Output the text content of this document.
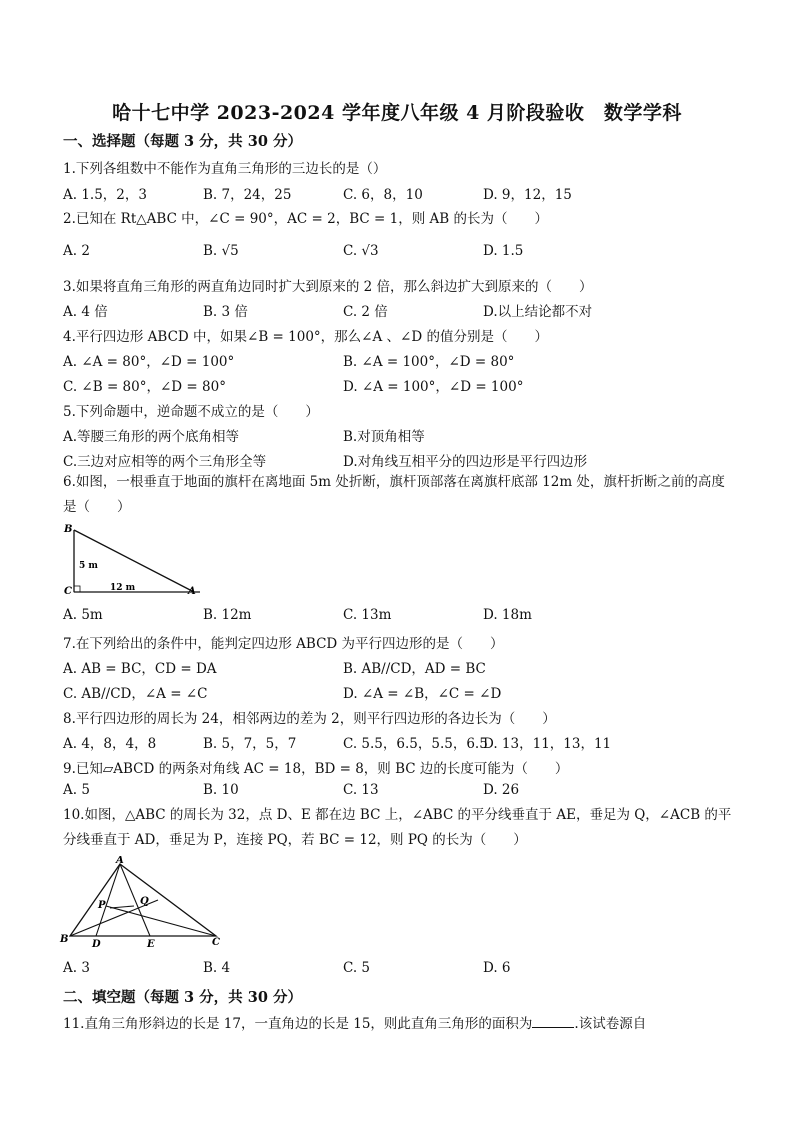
哈十七中学 2023-2024 学年度八年级 4 月阶段验收　数学学科
一、选择题（每题 3 分，共 30 分）
1.下列各组数中不能作为直角三角形的三边长的是（）
A. 1.5，2，3	B. 7，24，25	C. 6，8，10	D. 9，12，15
2.已知在 Rt△ABC 中，∠C = 90°，AC = 2，BC = 1，则 AB 的长为（　　）
A. 2	B. √5	C. √3	D. 1.5
3.如果将直角三角形的两直角边同时扩大到原来的 2 倍，那么斜边扩大到原来的（　　）
A. 4 倍	B. 3 倍	C. 2 倍	D.以上结论都不对
4.平行四边形 ABCD 中，如果∠B = 100°，那么∠A 、∠D 的值分别是（　　）
A. ∠A = 80°，∠D = 100°	B. ∠A = 100°，∠D = 80°
C. ∠B = 80°，∠D = 80°	D. ∠A = 100°，∠D = 100°
5.下列命题中，逆命题不成立的是（　　）
A.等腰三角形的两个底角相等	B.对顶角相等
C.三边对应相等的两个三角形全等	D.对角线互相平分的四边形是平行四边形
6.如图，一根垂直于地面的旗杆在离地面 5m 处折断，旗杆顶部落在离旗杆底部 12m 处，旗杆折断之前的高度是（　　）
B
C	A
5 m
12 m
A. 5m	B. 12m	C. 13m	D. 18m
7.在下列给出的条件中，能判定四边形 ABCD 为平行四边形的是（　　）
A. AB = BC，CD = DA	B. AB//CD，AD = BC
C. AB//CD，∠A = ∠C	D. ∠A = ∠B，∠C = ∠D
8.平行四边形的周长为 24，相邻两边的差为 2，则平行四边形的各边长为（　　）
A. 4，8，4，8	B. 5，7，5，7	C. 5.5，6.5，5.5，6.5
D. 13，11，13，11
9.已知▱ABCD 的两条对角线 AC = 18，BD = 8，则 BC 边的长度可能为（　　）
A. 5	B. 10	C. 13	D. 26
10.如图，△ABC 的周长为 32，点 D、E 都在边 BC 上，∠ABC 的平分线垂直于 AE，垂足为 Q，∠ACB 的平分线垂直于 AD，垂足为 P，连接 PQ，若 BC = 12，则 PQ 的长为（　　）
A
B	C
D	E
P	Q
A. 3	B. 4	C. 5	D. 6
二、填空题（每题 3 分，共 30 分）
11.直角三角形斜边的长是 17，一直角边的长是 15，则此直角三角形的面积为	.该试卷源自
